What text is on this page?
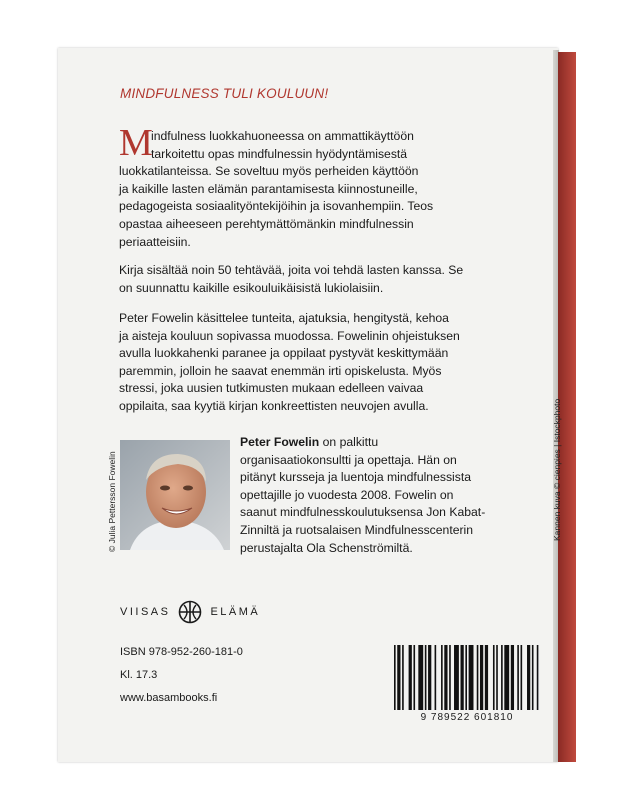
MINDFULNESS TULI KOULUUN!
M
indfulness luokkahuoneessa on ammattikäyttöön
tarkoitettu opas mindfulnessin hyödyntämisestä
luokkatilanteissa. Se soveltuu myös perheiden käyttöön
ja kaikille lasten elämän parantamisesta kiinnostuneille,
pedagogeista sosiaalityöntekijöihin ja isovanhempiin. Teos
opastaa aiheeseen perehtymättömänkin mindfulnessin
periaatteisiin.
Kirja sisältää noin 50 tehtävää, joita voi tehdä lasten kanssa. Se
on suunnattu kaikille esikouluikäisistä lukiolaisiin.
Peter Fowelin käsittelee tunteita, ajatuksia, hengitystä, kehoa
ja aisteja kouluun sopivassa muodossa. Fowelinin ohjeistuksen
avulla luokkahenki paranee ja oppilaat pystyvät keskittymään
paremmin, jolloin he saavat enemmän irti opiskelusta. Myös
stressi, joka uusien tutkimusten mukaan edelleen vaivaa
oppilaita, saa kyytiä kirjan konkreettisten neuvojen avulla.
© Julia Pettersson Fowelin
Peter Fowelin on palkittu
organisaatiokonsultti ja opettaja. Hän on
pitänyt kursseja ja luentoja mindfulnessista
opettajille jo vuodesta 2008. Fowelin on
saanut mindfulnesskoulutuksensa Jon Kabat-
Zinniltä ja ruotsalaisen Mindfulnesscenterin
perustajalta Ola Schenströmiltä.
Kannen kuva © cienpies | Istockphoto
VIISAS	ELÄMÄ
ISBN 978-952-260-181-0
Kl. 17.3
www.basambooks.fi
9 789522 601810
